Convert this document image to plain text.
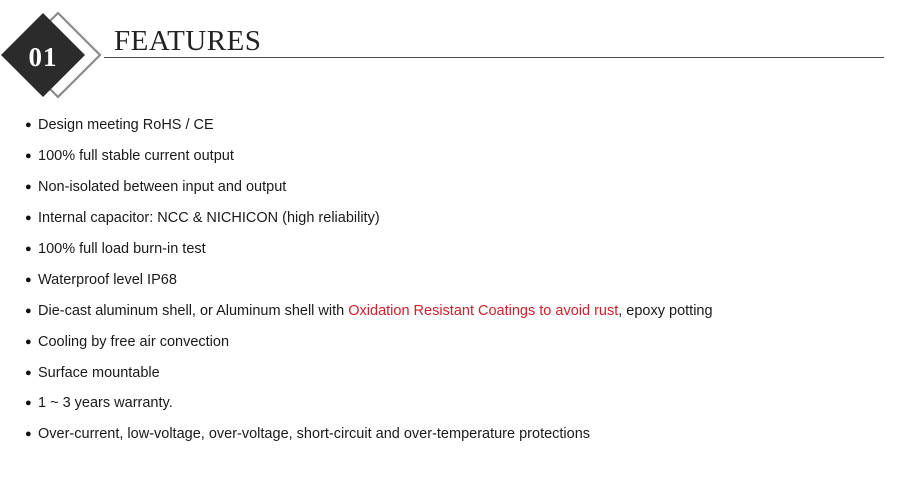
01	FEATURES
● Design meeting RoHS / CE
● 100% full stable current output
● Non-isolated between input and output
● Internal capacitor: NCC & NICHICON (high reliability)
● 100% full load burn-in test
● Waterproof level IP68
● Die-cast aluminum shell, or Aluminum shell with Oxidation Resistant Coatings to avoid rust, epoxy potting
● Cooling by free air convection
● Surface mountable
● 1 ~ 3 years warranty.
● Over-current, low-voltage, over-voltage, short-circuit and over-temperature protections
